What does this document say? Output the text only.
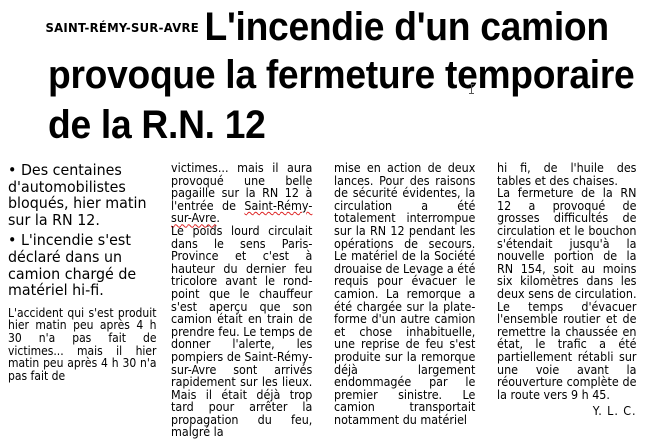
$^{SAINT-RÉMY-SUR-AVRE}$ L'incendie d'un camion
provoque la fermeture temporaire
de la R.N. 12
• Des centaines d'automobilistes bloqués, hier matin sur la RN 12.
• L'incendie s'est déclaré dans un camion chargé de matériel hi-fi.
L'accident qui s'est produit hier matin peu après 4 h 30 n'a pas fait de victimes... mais il hier matin peu après 4 h 30 n'a pas fait de

victimes... mais il aura provoqué une belle pagaille sur la RN 12 à l'entrée de Saint-Rémy-sur-Avre.

Le poids lourd circulait dans le sens Paris-Province et c'est à hauteur du dernier feu tricolore avant le rond-point que le chauffeur s'est aperçu que son camion était en train de prendre feu. Le temps de donner l'alerte, les pompiers de Saint-Rémy-sur-Avre sont arrivés rapidement sur les lieux. Mais il était déjà trop tard pour arrêter la propagation du feu, malgré la

mise en action de deux lances. Pour des raisons de sécurité évidentes, la circulation a été totalement interrompue sur la RN 12 pendant les opérations de secours. Le matériel de la Société drouaise de Levage a été requis pour évacuer le camion. La remorque a été chargée sur la plate-forme d'un autre camion et chose inhabituelle, une reprise de feu s'est produite sur la remorque déjà largement endommagée par le premier sinistre. Le camion transportait notamment du matériel

hi fi, de l'huile des tables et des chaises.

La fermeture de la RN 12 a provoqué de grosses difficultés de circulation et le bouchon s'étendait jusqu'à la nouvelle portion de la RN 154, soit au moins six kilomètres dans les deux sens de circulation. Le temps d'évacuer l'ensemble routier et de remettre la chaussée en état, le trafic a été partiellement rétabli sur une voie avant la réouverture complète de la route vers 9 h 45.

Y. L. C.
